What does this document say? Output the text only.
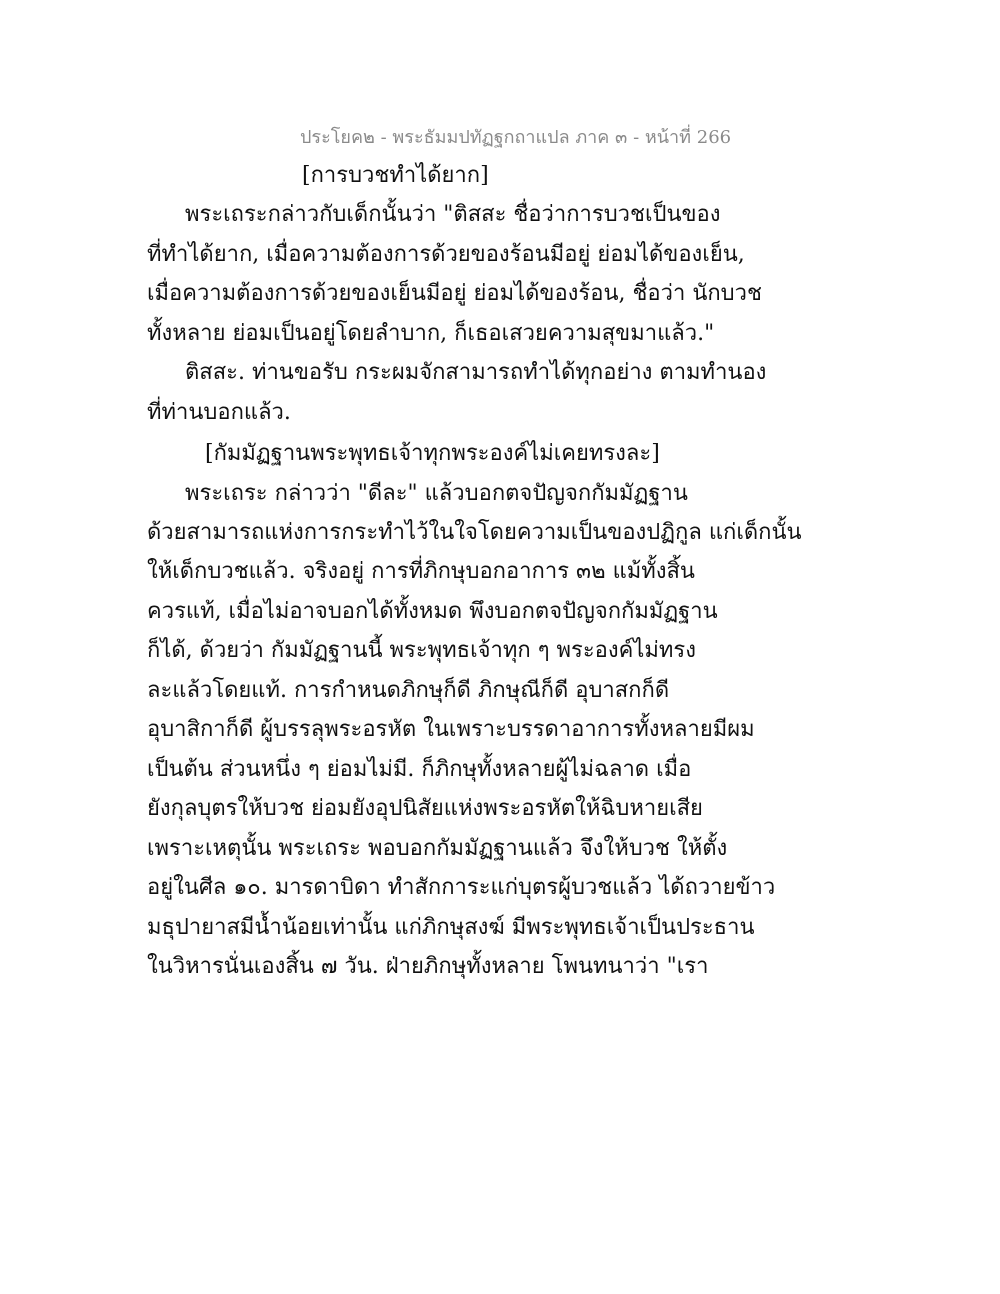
ประโยค๒ - พระธัมมปทัฏฐกถาแปล ภาค ๓ - หน้าที่ 266
[การบวชทำได้ยาก]
พระเถระกล่าวกับเด็กนั้นว่า "ติสสะ ชื่อว่าการบวชเป็นของ
ที่ทำได้ยาก, เมื่อความต้องการด้วยของร้อนมีอยู่ ย่อมได้ของเย็น,
เมื่อความต้องการด้วยของเย็นมีอยู่ ย่อมได้ของร้อน, ชื่อว่า นักบวช
ทั้งหลาย ย่อมเป็นอยู่โดยลำบาก, ก็เธอเสวยความสุขมาแล้ว."
ติสสะ. ท่านขอรับ กระผมจักสามารถทำได้ทุกอย่าง ตามทำนอง
ที่ท่านบอกแล้ว.
[กัมมัฏฐานพระพุทธเจ้าทุกพระองค์ไม่เคยทรงละ]
พระเถระ กล่าวว่า "ดีละ" แล้วบอกตจปัญจกกัมมัฏฐาน
ด้วยสามารถแห่งการกระทำไว้ในใจโดยความเป็นของปฏิกูล แก่เด็กนั้น
ให้เด็กบวชแล้ว. จริงอยู่ การที่ภิกษุบอกอาการ ๓๒ แม้ทั้งสิ้น
ควรแท้, เมื่อไม่อาจบอกได้ทั้งหมด พึงบอกตจปัญจกกัมมัฏฐาน
ก็ได้, ด้วยว่า กัมมัฏฐานนี้ พระพุทธเจ้าทุก ๆ พระองค์ไม่ทรง
ละแล้วโดยแท้. การกำหนดภิกษุก็ดี ภิกษุณีก็ดี อุบาสกก็ดี
อุบาสิกาก็ดี ผู้บรรลุพระอรหัต ในเพราะบรรดาอาการทั้งหลายมีผม
เป็นต้น ส่วนหนึ่ง ๆ ย่อมไม่มี. ก็ภิกษุทั้งหลายผู้ไม่ฉลาด เมื่อ
ยังกุลบุตรให้บวช ย่อมยังอุปนิสัยแห่งพระอรหัตให้ฉิบหายเสีย
เพราะเหตุนั้น พระเถระ พอบอกกัมมัฏฐานแล้ว จึงให้บวช ให้ตั้ง
อยู่ในศีล ๑๐. มารดาบิดา ทำสักการะแก่บุตรผู้บวชแล้ว ได้ถวายข้าว
มธุปายาสมีน้ำน้อยเท่านั้น แก่ภิกษุสงฆ์ มีพระพุทธเจ้าเป็นประธาน
ในวิหารนั่นเองสิ้น ๗ วัน. ฝ่ายภิกษุทั้งหลาย โพนทนาว่า "เรา
